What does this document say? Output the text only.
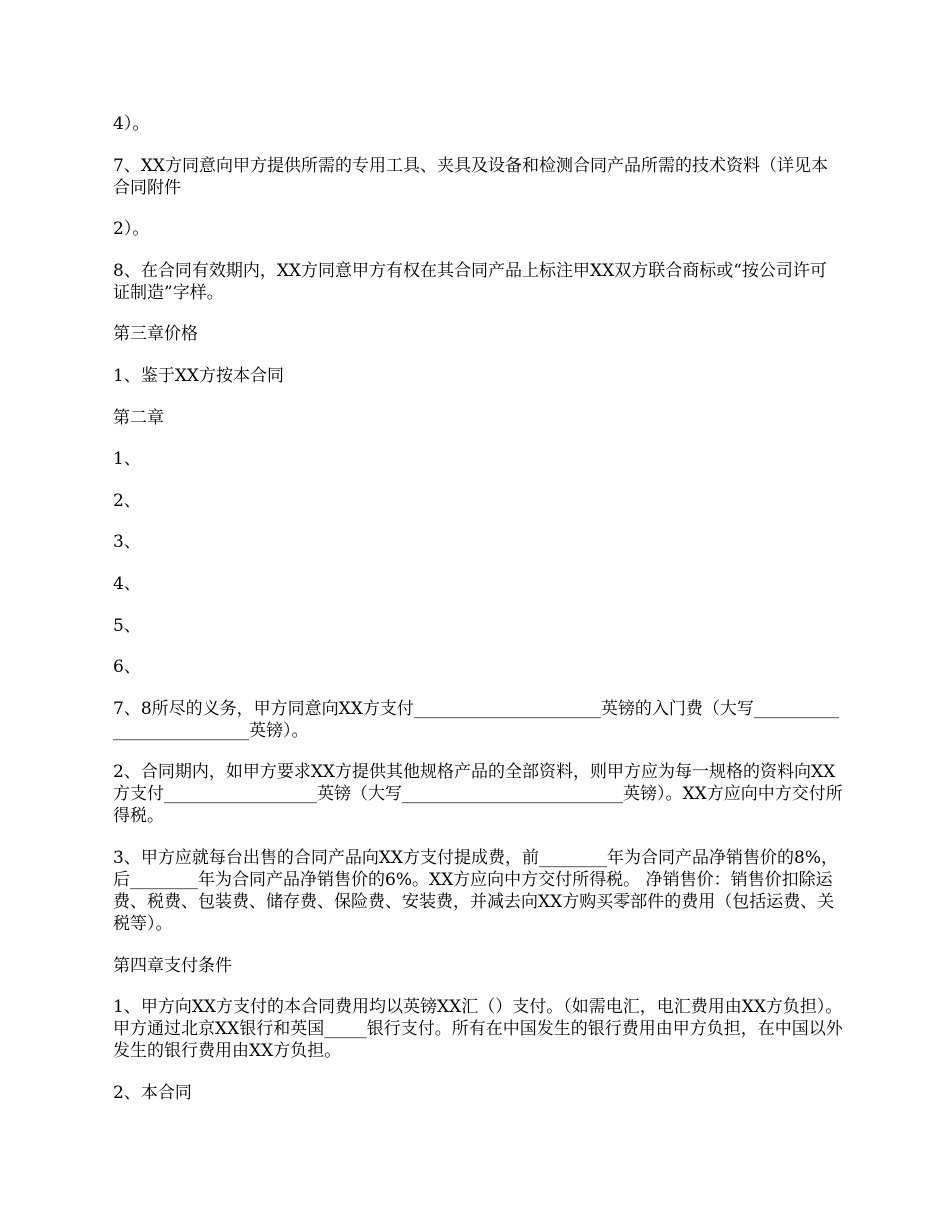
4）。

7、XX方同意向甲方提供所需的专用工具、夹具及设备和检测合同产品所需的技术资料（详见本合同附件

2）。

8、在合同有效期内，XX方同意甲方有权在其合同产品上标注甲XX双方联合商标或“按公司许可证制造”字样。

第三章价格

1、鉴于XX方按本合同

第二章

1、

2、

3、

4、

5、

6、

7、8所尽的义务，甲方同意向XX方支付______________________英镑的入门费（大写__________________________英镑）。

2、合同期内，如甲方要求XX方提供其他规格产品的全部资料，则甲方应为每一规格的资料向XX方支付__________________英镑（大写__________________________英镑）。XX方应向中方交付所得税。

3、甲方应就每台出售的合同产品向XX方支付提成费，前________年为合同产品净销售价的8%，后________年为合同产品净销售价的6%。XX方应向中方交付所得税。 净销售价：销售价扣除运费、税费、包装费、储存费、保险费、安装费，并减去向XX方购买零部件的费用（包括运费、关税等）。

第四章支付条件

1、甲方向XX方支付的本合同费用均以英镑XX汇（）支付。（如需电汇，电汇费用由XX方负担）。甲方通过北京XX银行和英国_____银行支付。所有在中国发生的银行费用由甲方负担，在中国以外发生的银行费用由XX方负担。

2、本合同
